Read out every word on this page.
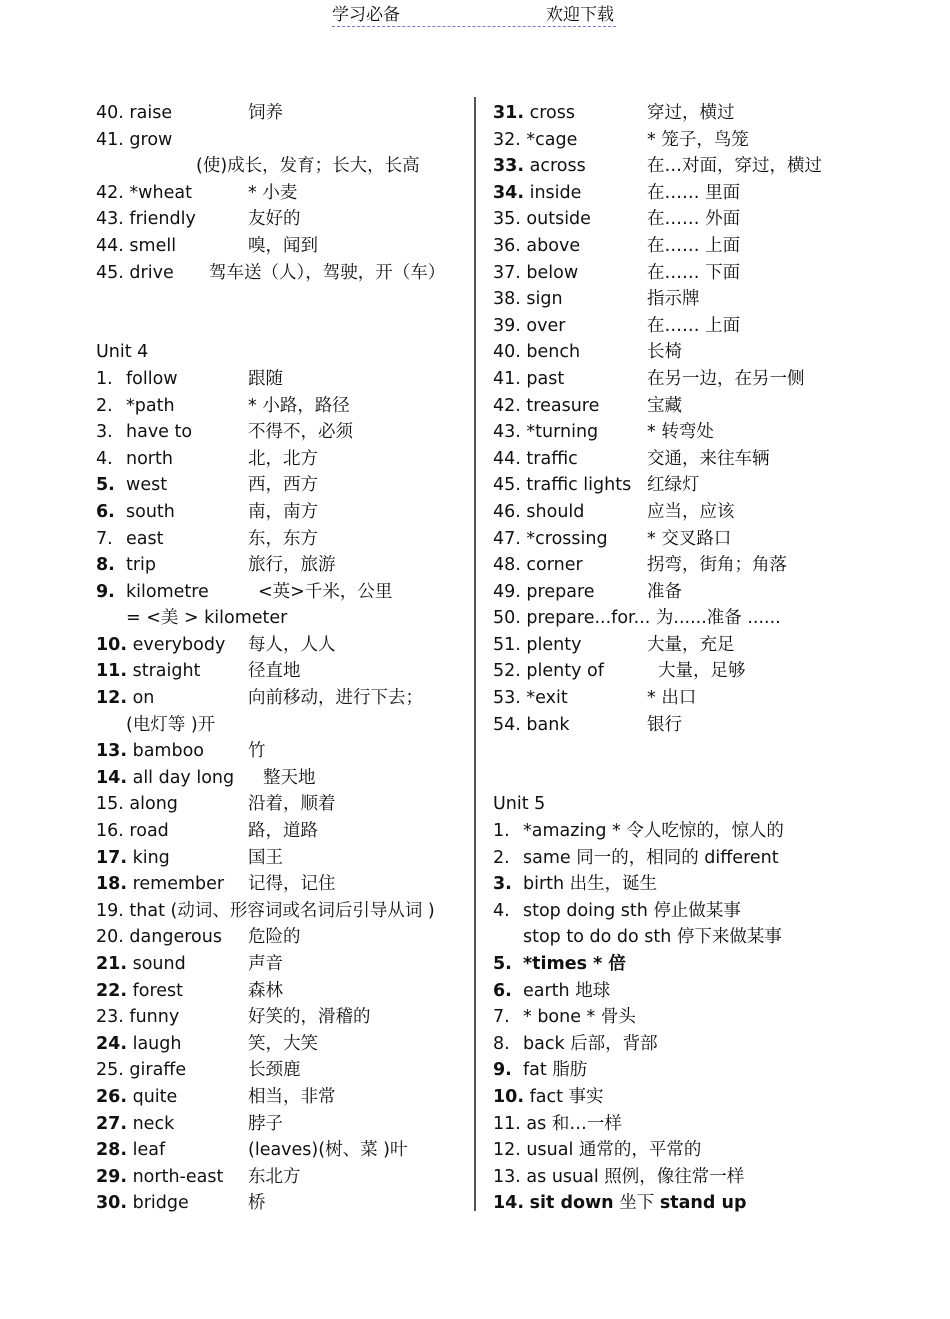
学习必备	欢迎下载
40. raise	饲养
41. grow
(使)成长，发育；长大，长高
42. *wheat	* 小麦
43. friendly	友好的
44. smell	嗅，闻到
45. drive 驾车送（人），驾驶，开（车）
Unit 4
1. follow	跟随
2. *path	* 小路，路径
3. have to	不得不，必须
4. north	北，北方
5. west	西，西方
6. south	南，南方
7. east	东，东方
8. trip	旅行，旅游
9. kilometre	<英>千米，公里
= <美 > kilometer
10. everybody 每人，人人
11. straight	径直地
12. on	向前移动，进行下去；
(电灯等 )开
13. bamboo	竹
14. all day long 整天地
15. along	沿着，顺着
16. road	路，道路
17. king	国王
18. remember 记得，记住
19. that (动词、形容词或名词后引导从词 )
20. dangerous 危险的
21. sound	声音
22. forest	森林
23. funny	好笑的，滑稽的
24. laugh	笑，大笑
25. giraffe	长颈鹿
26. quite	相当，非常
27. neck	脖子
28. leaf	(leaves)(树、菜 )叶
29. north-east 东北方
30. bridge	桥
31. cross	穿过，横过
32. *cage	* 笼子，鸟笼
33. across	在…对面，穿过，横过
34. inside	在…… 里面
35. outside	在…… 外面
36. above	在…… 上面
37. below	在…… 下面
38. sign	指示牌
39. over	在…… 上面
40. bench	长椅
41. past	在另一边，在另一侧
42. treasure	宝藏
43. *turning	* 转弯处
44. traffic	交通，来往车辆
45. traffic lights 红绿灯
46. should	应当，应该
47. *crossing * 交叉路口
48. corner	拐弯，街角；角落
49. prepare	准备
50. prepare...for... 为......准备 ......
51. plenty	大量，充足
52. plenty of	大量，足够
53. *exit	* 出口
54. bank	银行
Unit 5
1. *amazing * 令人吃惊的，惊人的
2. same 同一的，相同的 different
3. birth 出生，诞生
4. stop doing sth 停止做某事
stop to do do sth 停下来做某事
5. *times * 倍
6. earth 地球
7. * bone * 骨头
8. back 后部，背部
9. fat 脂肪
10. fact 事实
11. as 和…一样
12. usual 通常的，平常的
13. as usual 照例，像往常一样
14. sit down 坐下 stand up
